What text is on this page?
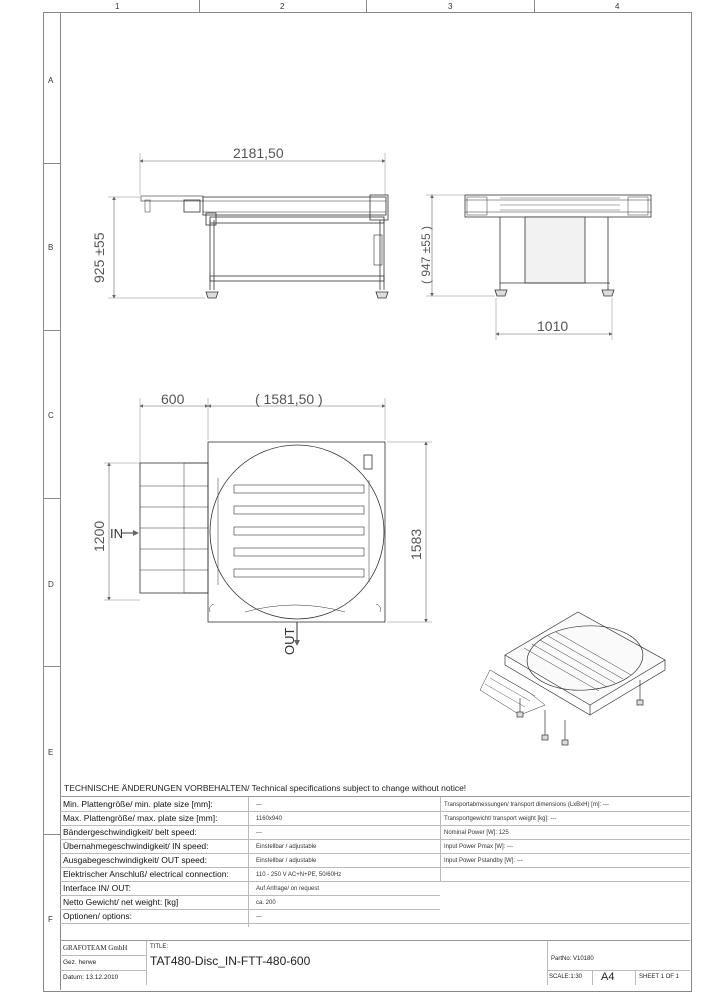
1	2	3	4
A
B
C
D
E
F
2181,50
925 ±55	( 947 ±55 )
1010
600	( 1581,50 )
1583
1200 IN
OUT
TECHNISCHE ÄNDERUNGEN VORBEHALTEN/ Technical specifications subject to change without notice!
Min. Plattengröße/ min. plate size [mm]:	---
Max. Plattengröße/ max. plate size [mm]:	1160x940
Bändergeschwindigkeit/ belt speed:	---
Übernahmegeschwindigkeit/ IN speed:	Einstellbar / adjustable
Ausgabegeschwindigkeit/ OUT speed:	Einstellbar / adjustable
Elektrischer Anschluß/ electrical connection:	110 - 250 V AC+N+PE, 50/60Hz
Interface IN/ OUT:	Auf Anfrage/ on request
Netto Gewicht/ net weight: [kg]	ca. 200
Optionen/ options:	---
Transportabmessungen/ transport dimensions (LxBxH) [m]: ---
Transportgewicht/ transport weight [kg]: ---
Nominal Power [W]: 125
Input Power Pmax [W]: ---
Input Power Pstandby [W]: ---
GRAFOTEAM GmbH
Gez. herwe
Datum: 13.12.2010
TITLE:
TAT480-Disc_IN-FTT-480-600	PartNo: V10180
SCALE:1:30 A4	SHEET 1 OF 1
